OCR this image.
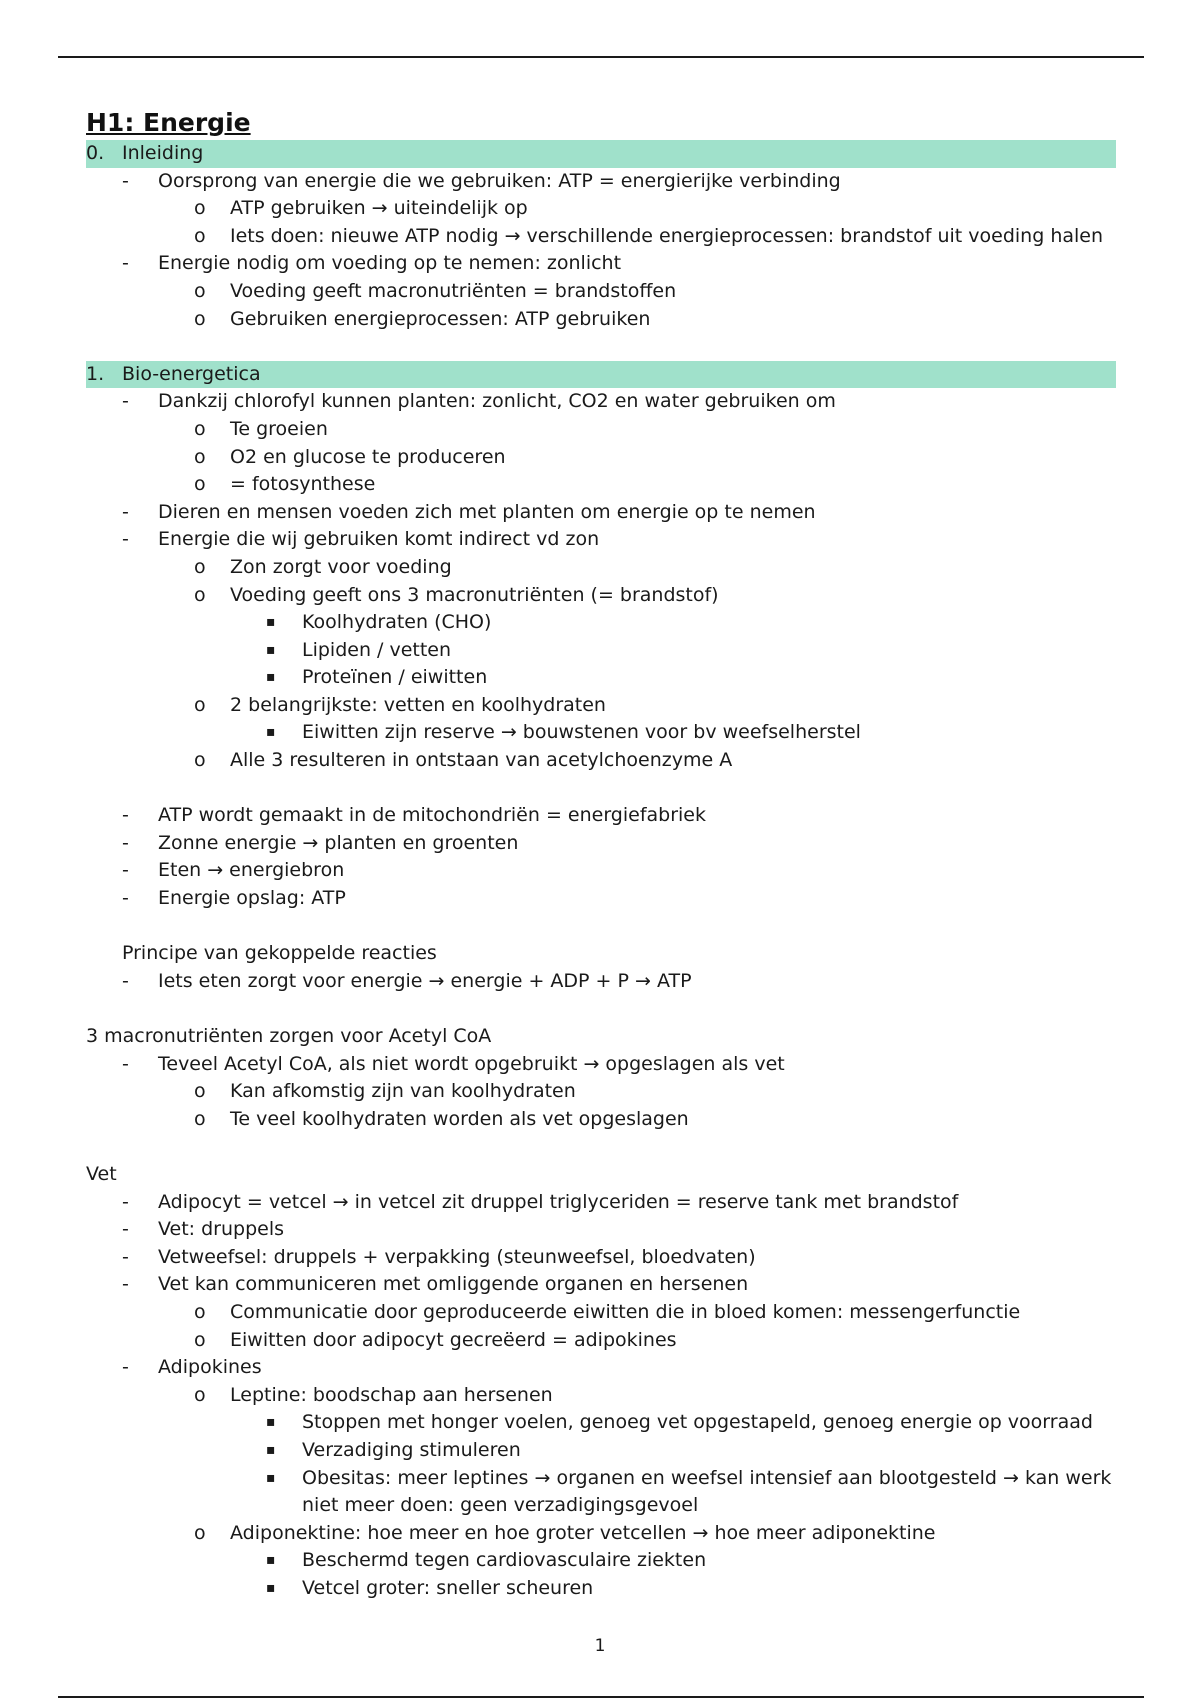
H1: Energie
0. Inleiding
- Oorsprong van energie die we gebruiken: ATP = energierijke verbinding
o ATP gebruiken → uiteindelijk op
o Iets doen: nieuwe ATP nodig → verschillende energieprocessen: brandstof uit voeding halen
- Energie nodig om voeding op te nemen: zonlicht
o Voeding geeft macronutriënten = brandstoffen
o Gebruiken energieprocessen: ATP gebruiken
1. Bio-energetica
- Dankzij chlorofyl kunnen planten: zonlicht, CO2 en water gebruiken om
o Te groeien
o O2 en glucose te produceren
o = fotosynthese
- Dieren en mensen voeden zich met planten om energie op te nemen
- Energie die wij gebruiken komt indirect vd zon
o Zon zorgt voor voeding
o Voeding geeft ons 3 macronutriënten (= brandstof)
▪ Koolhydraten (CHO)
▪ Lipiden / vetten
▪ Proteïnen / eiwitten
o 2 belangrijkste: vetten en koolhydraten
▪ Eiwitten zijn reserve → bouwstenen voor bv weefselherstel
o Alle 3 resulteren in ontstaan van acetylchoenzyme A
- ATP wordt gemaakt in de mitochondriën = energiefabriek
- Zonne energie → planten en groenten
- Eten → energiebron
- Energie opslag: ATP
Principe van gekoppelde reacties
- Iets eten zorgt voor energie → energie + ADP + P → ATP
3 macronutriënten zorgen voor Acetyl CoA
- Teveel Acetyl CoA, als niet wordt opgebruikt → opgeslagen als vet
o Kan afkomstig zijn van koolhydraten
o Te veel koolhydraten worden als vet opgeslagen
Vet
- Adipocyt = vetcel → in vetcel zit druppel triglyceriden = reserve tank met brandstof
- Vet: druppels
- Vetweefsel: druppels + verpakking (steunweefsel, bloedvaten)
- Vet kan communiceren met omliggende organen en hersenen
o Communicatie door geproduceerde eiwitten die in bloed komen: messengerfunctie
o Eiwitten door adipocyt gecreëerd = adipokines
- Adipokines
o Leptine: boodschap aan hersenen
▪ Stoppen met honger voelen, genoeg vet opgestapeld, genoeg energie op voorraad
▪ Verzadiging stimuleren
▪ Obesitas: meer leptines → organen en weefsel intensief aan blootgesteld → kan werk
niet meer doen: geen verzadigingsgevoel
o Adiponektine: hoe meer en hoe groter vetcellen → hoe meer adiponektine
▪ Beschermd tegen cardiovasculaire ziekten
▪ Vetcel groter: sneller scheuren
1
